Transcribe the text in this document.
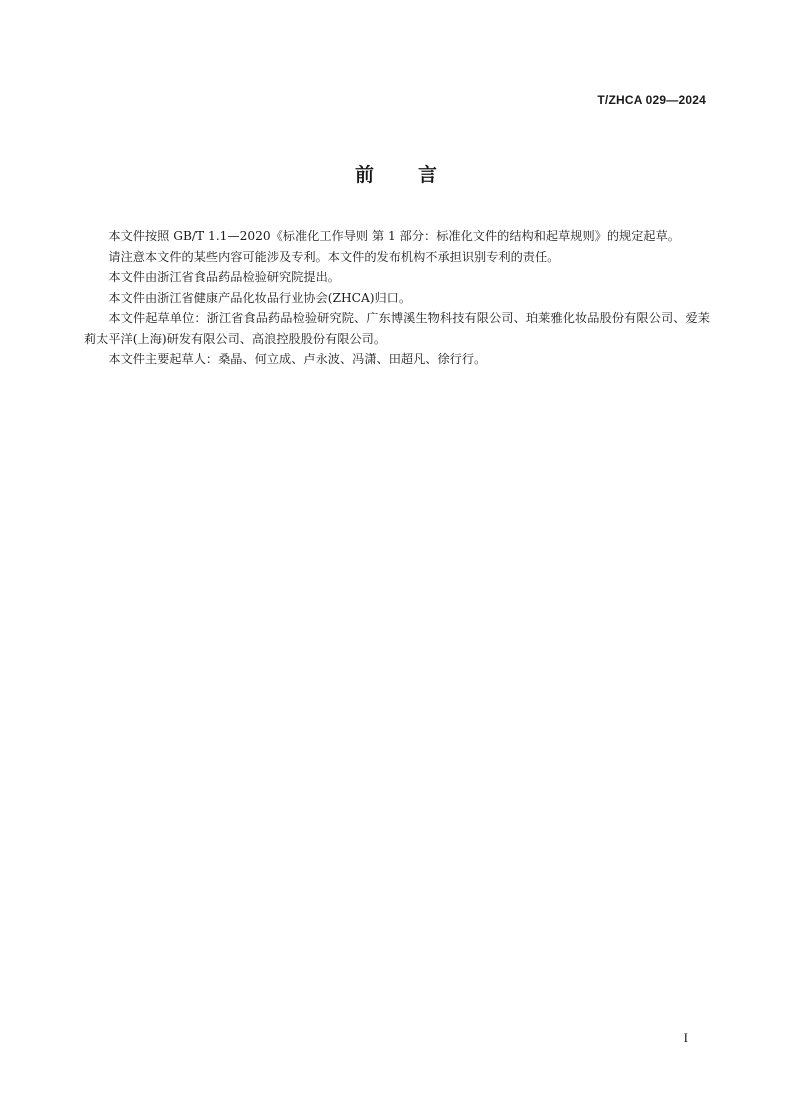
T/ZHCA 029—2024
前 言

本文件按照 GB/T 1.1—2020《标准化工作导则 第 1 部分：标准化文件的结构和起草规则》的规定起草。

请注意本文件的某些内容可能涉及专利。本文件的发布机构不承担识别专利的责任。

本文件由浙江省食品药品检验研究院提出。

本文件由浙江省健康产品化妆品行业协会(ZHCA)归口。

本文件起草单位：浙江省食品药品检验研究院、广东博溪生物科技有限公司、珀莱雅化妆品股份有限公司、爱茉莉太平洋(上海)研发有限公司、高浪控股股份有限公司。

本文件主要起草人：桑晶、何立成、卢永波、冯潇、田超凡、徐行行。

I
